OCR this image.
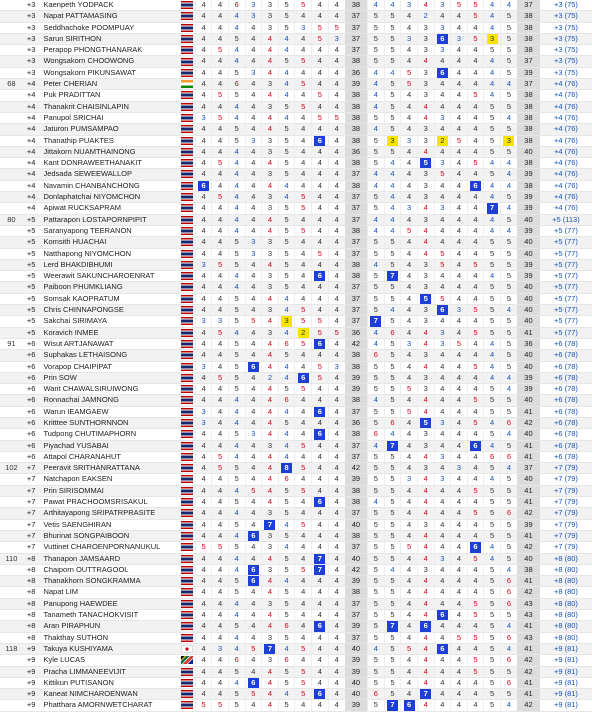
	+3	Kaenpeth YODPACK		4	4	6	3	3	5	5	4	4	38	4	4	3	4	3	5	5	4	4	37	+3 (75)
	+3	Napat PATTAMASING		4	4	4	3	3	5	4	4	4	37	5	5	4	2	4	4	5	4	5	38	+3 (75)
	+3	Seddhachoke POOMPUAY		4	4	4	4	3	5	3	5	5	37	5	5	4	3	3	4	4	4	5	38	+3 (75)
	+3	Sarun SIRITHON		4	4	5	4	4	4	4	5	3	37	5	5	3	3	6	3	5	3	5	38	+3 (75)
	+3	Perapop PHONGTHANARAK		4	5	4	4	4	4	4	4	4	37	5	5	4	3	3	4	4	5	5	38	+3 (75)
	+3	Wongsakorn CHOOWONG		4	4	4	4	4	5	5	4	4	38	5	5	4	4	4	4	4	4	5	37	+3 (75)
	+3	Wongsakorn PIKUNSAWAT		4	4	5	3	4	4	4	4	4	36	4	4	5	3	6	4	4	4	5	39	+3 (75)
68	+4	Peter CHERIAN		4	4	6	4	3	4	5	4	4	39	4	5	5	3	4	4	4	4	4	37	+4 (76)
	+4	Puk PRADITTAN		4	5	5	4	4	4	4	5	4	38	4	5	4	3	4	4	5	4	5	38	+4 (76)
	+4	Thanakrit CHAISINLAPIN		4	4	4	4	3	5	5	4	4	38	4	5	4	4	4	4	4	5	5	38	+4 (76)
	+4	Panupol SRICHAI		3	5	4	4	4	4	4	5	5	38	5	5	4	4	3	4	4	5	4	38	+4 (76)
	+4	Jaturon PUMSAMPAO		4	4	5	4	4	5	4	4	4	38	4	5	4	3	4	4	4	5	5	38	+4 (76)
	+4	Thanathip PUAKTES		4	4	5	3	3	5	4	6	4	38	5	3	3	3	2	5	4	5	3	38	+4 (76)
	+4	Jittakorn NUAMTHAINONG		4	4	4	4	3	5	4	4	4	36	5	5	4	4	4	4	4	5	5	40	+4 (76)
	+4	Kant DONRAWEETHANAKIT		4	5	4	4	4	5	4	4	4	38	5	4	4	5	3	4	5	4	4	38	+4 (76)
	+4	Jedsada SEWEEWALLOP		4	4	4	4	3	5	4	4	4	37	4	4	4	3	5	4	4	5	4	39	+4 (76)
	+4	Navamin CHANBANCHONG		6	4	4	4	4	4	4	4	4	38	4	4	4	3	4	4	6	4	4	38	+4 (76)
	+4	Donlaphatchai NIYOMCHON		4	5	4	4	3	4	5	4	4	37	5	4	4	3	4	4	4	4	5	39	+4 (76)
	+4	Apiwat RUCKSAPRAM		4	4	4	4	3	5	5	4	4	37	5	4	3	4	3	4	4	7	4	39	+4 (76)
80	+5	Pattarapon LOSTAPORNPIPIT		4	4	4	4	4	5	4	4	4	37	4	4	4	3	4	4	4	4	5	40	+5 (113)
	+5	Saranyapong TEERANON		4	4	4	4	4	5	5	4	4	38	4	4	5	4	4	4	4	4	4	39	+5 (77)
	+5	Komsith HUACHAI		4	4	5	3	3	5	4	4	4	37	5	5	4	4	4	4	4	5	5	40	+5 (77)
	+5	Natthapong NIYOMCHON		4	4	5	3	3	5	4	5	4	37	5	5	4	4	5	4	4	5	5	40	+5 (77)
	+5	Lerd BHAKDIBHUMI		3	5	5	4	4	5	4	4	4	38	4	5	4	3	5	4	5	5	5	39	+5 (77)
	+5	Weerawit SAKUNCHAROENRAT		4	4	4	4	3	5	4	6	4	38	5	7	4	3	4	4	4	4	5	39	+5 (77)
	+5	Paiboon PHUMKLIANG		4	4	4	4	3	5	4	4	4	37	5	5	4	3	4	4	4	5	5	40	+5 (77)
	+5	Somsak KAOPRATUM		4	4	5	4	4	4	4	4	4	37	5	5	4	5	5	4	4	5	5	40	+5 (77)
	+5	Chris CHINNAPONGSE		4	4	5	4	3	4	5	4	4	37	5	4	4	3	6	3	5	5	4	40	+5 (77)
	+5	Sakchai SIRIMAYA		3	3	5	5	4	3	5	5	4	37	7	5	4	3	4	4	4	5	5	40	+5 (77)
	+5	Koravich INMEE		4	5	4	4	3	4	2	5	5	36	4	6	4	4	3	4	5	5	5	41	+5 (77)
91	+6	Wisut ARTJANAWAT		4	4	5	4	4	6	5	6	4	42	4	5	3	4	3	5	4	4	5	36	+6 (78)
	+6	Suphakas LETHAISONG		4	4	5	4	4	5	4	4	4	38	6	5	4	3	4	4	4	4	5	40	+6 (78)
	+6	Vorapop CHAIPIPAT		3	4	5	6	4	4	4	5	3	38	5	5	4	4	4	4	5	4	5	40	+6 (78)
	+6	Prin SOW		4	5	5	4	2	4	6	5	4	39	5	5	4	3	4	4	4	4	4	39	+6 (78)
	+6	Warit CHAWALSIRUIWONG		4	4	5	4	4	5	5	4	4	39	5	5	5	3	4	4	4	5	4	39	+6 (78)
	+6	Ronnachai JAMNONG		4	4	4	4	4	6	4	4	4	38	4	5	4	4	4	4	5	5	5	40	+6 (78)
	+6	Warun IEAMGAEW		3	4	4	4	4	4	4	6	4	37	5	5	5	4	4	4	4	5	5	41	+6 (78)
	+6	Kritttee SUNTHORNNON		3	4	4	4	4	5	4	4	4	36	5	6	4	5	3	4	5	4	6	42	+6 (78)
	+6	Tudpong CHUTIMAPHORN		4	4	5	3	4	4	4	6	4	38	6	4	4	3	4	4	4	5	4	40	+6 (78)
	+6	Piyachad YUSABAI		4	4	4	4	3	4	5	4	4	37	4	7	4	3	4	4	6	4	5	41	+6 (78)
	+6	Attapol CHARANAHUT		4	5	4	4	4	4	4	4	4	37	5	5	4	4	3	4	4	6	6	41	+6 (78)
102	+7	Peeravit SRITHANRATTANA		4	5	5	4	4	8	5	4	4	42	5	5	4	3	4	3	4	5	4	37	+7 (79)
	+7	Natchapon EAKSEN		4	4	5	4	4	6	4	4	4	39	5	5	3	4	3	4	4	4	5	40	+7 (79)
	+7	Prin SIRISOMMAI		4	4	4	5	4	5	5	4	4	38	5	5	4	4	4	4	5	5	5	41	+7 (79)
	+7	Pawat PRACHOOMSRISAKUL		4	4	5	4	4	5	4	6	4	38	4	5	4	4	4	4	4	5	5	41	+7 (79)
	+7	Arthitayapong SRIPATRPRASITE		4	4	4	4	3	5	4	4	4	37	5	5	4	4	4	4	5	5	6	42	+7 (79)
	+7	Vetis SAENGHIRAN		4	4	5	4	7	4	5	4	4	40	5	5	4	3	4	4	4	5	5	39	+7 (79)
	+7	Bhurinat SONGPAIBOON		4	4	4	6	3	5	4	4	4	38	5	5	4	4	4	4	4	5	5	41	+7 (79)
	+7	Vuttinet CHAROENPORNANUKUL		5	5	5	4	3	4	4	4	4	37	5	5	5	4	4	4	6	4	5	42	+7 (79)
110	+8	Thanapon JAMSAARD		4	4	4	4	4	5	4	7	4	40	5	5	4	4	3	4	5	4	5	40	+8 (80)
	+8	Chaiporn OUTTRAGOOL		4	4	4	6	3	5	5	7	4	42	5	4	4	3	4	4	4	5	4	38	+8 (80)
	+8	Thanakhorn SONGKRAMMA		4	4	5	6	4	4	4	4	4	39	5	5	4	4	4	4	4	5	6	41	+8 (80)
	+8	Napat LIM		4	4	5	4	4	5	4	4	4	38	5	5	4	4	4	4	4	5	6	42	+8 (80)
	+8	Panupong HAEWDEE		4	4	4	4	3	5	4	4	4	37	5	5	4	4	4	4	5	5	6	43	+8 (80)
	+8	Tanameth TANACHOKVISIT		4	4	4	4	4	5	4	4	4	37	5	5	4	4	6	4	5	5	5	43	+8 (80)
	+8	Aran PIRAPHUN		4	4	5	4	4	6	4	6	4	39	5	7	4	6	4	4	4	5	4	41	+8 (80)
	+8	Thakthay SUTHON		4	4	4	4	3	5	4	4	4	37	5	5	4	4	4	5	5	5	6	43	+8 (80)
118	+9	Takuya KUSHIYAMA		4	3	4	5	7	4	5	4	4	40	4	5	5	4	6	4	4	5	4	41	+9 (81)
	+9	Kyle LUCAS		4	4	6	4	3	6	4	4	4	39	5	5	4	4	4	4	5	5	6	42	+9 (81)
	+9	Pracha LIMMANEEVIJIT		4	4	5	4	4	5	5	4	4	39	5	5	4	4	4	4	5	5	5	42	+9 (81)
	+9	Kittikun PUTISANON		4	4	4	6	4	5	5	4	4	40	5	5	4	4	4	4	4	5	6	41	+9 (81)
	+9	Kaneat NIMCHAROENWAN		4	4	5	5	4	4	5	6	4	40	6	5	4	7	4	4	4	5	5	41	+9 (81)
	+9	Phatthara AMORNWETCHARAT		5	5	5	4	4	5	4	4	4	39	5	7	6	4	4	4	4	5	4	42	+9 (81)
